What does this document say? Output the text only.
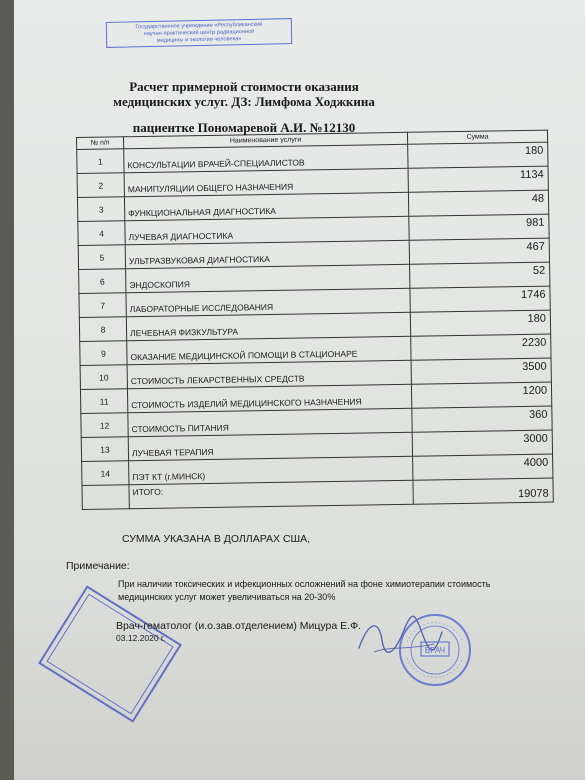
Государственное учреждение «Республиканский
научно-практический центр радиационной
медицины и экологии человека»
Расчет примерной стоимости оказания
медицинских услуг. ДЗ: Лимфома Ходжкина
пациентке Пономаревой А.И. №12130
№ п/п	Наименование услуги	Сумма
1	КОНСУЛЬТАЦИИ ВРАЧЕЙ-СПЕЦИАЛИСТОВ	180
2	МАНИПУЛЯЦИИ ОБЩЕГО НАЗНАЧЕНИЯ	1134
3	ФУНКЦИОНАЛЬНАЯ ДИАГНОСТИКА	48
4	ЛУЧЕВАЯ ДИАГНОСТИКА	981
5	УЛЬТРАЗВУКОВАЯ ДИАГНОСТИКА	467
6	ЭНДОСКОПИЯ	52
7	ЛАБОРАТОРНЫЕ ИССЛЕДОВАНИЯ	1746
8	ЛЕЧЕБНАЯ ФИЗКУЛЬТУРА	180
9	ОКАЗАНИЕ МЕДИЦИНСКОЙ ПОМОЩИ В СТАЦИОНАРЕ	2230
10	СТОИМОСТЬ ЛЕКАРСТВЕННЫХ СРЕДСТВ	3500
11	СТОИМОСТЬ ИЗДЕЛИЙ МЕДИЦИНСКОГО НАЗНАЧЕНИЯ	1200
12	СТОИМОСТЬ ПИТАНИЯ	360
13	ЛУЧЕВАЯ ТЕРАПИЯ	3000
14	ПЭТ КТ (г.МИНСК)	4000
	ИТОГО:	19078
СУММА УКАЗАНА В ДОЛЛАРАХ США,
Примечание:
При наличии токсических и ифекционных осложнений на фоне химиотерапии стоимость медицинских услуг может увеличиваться на 20-30%
Врач-гематолог (и.о.зав.отделением) Мицура Е.Ф.
03.12.2020 г.
ВРАЧ
